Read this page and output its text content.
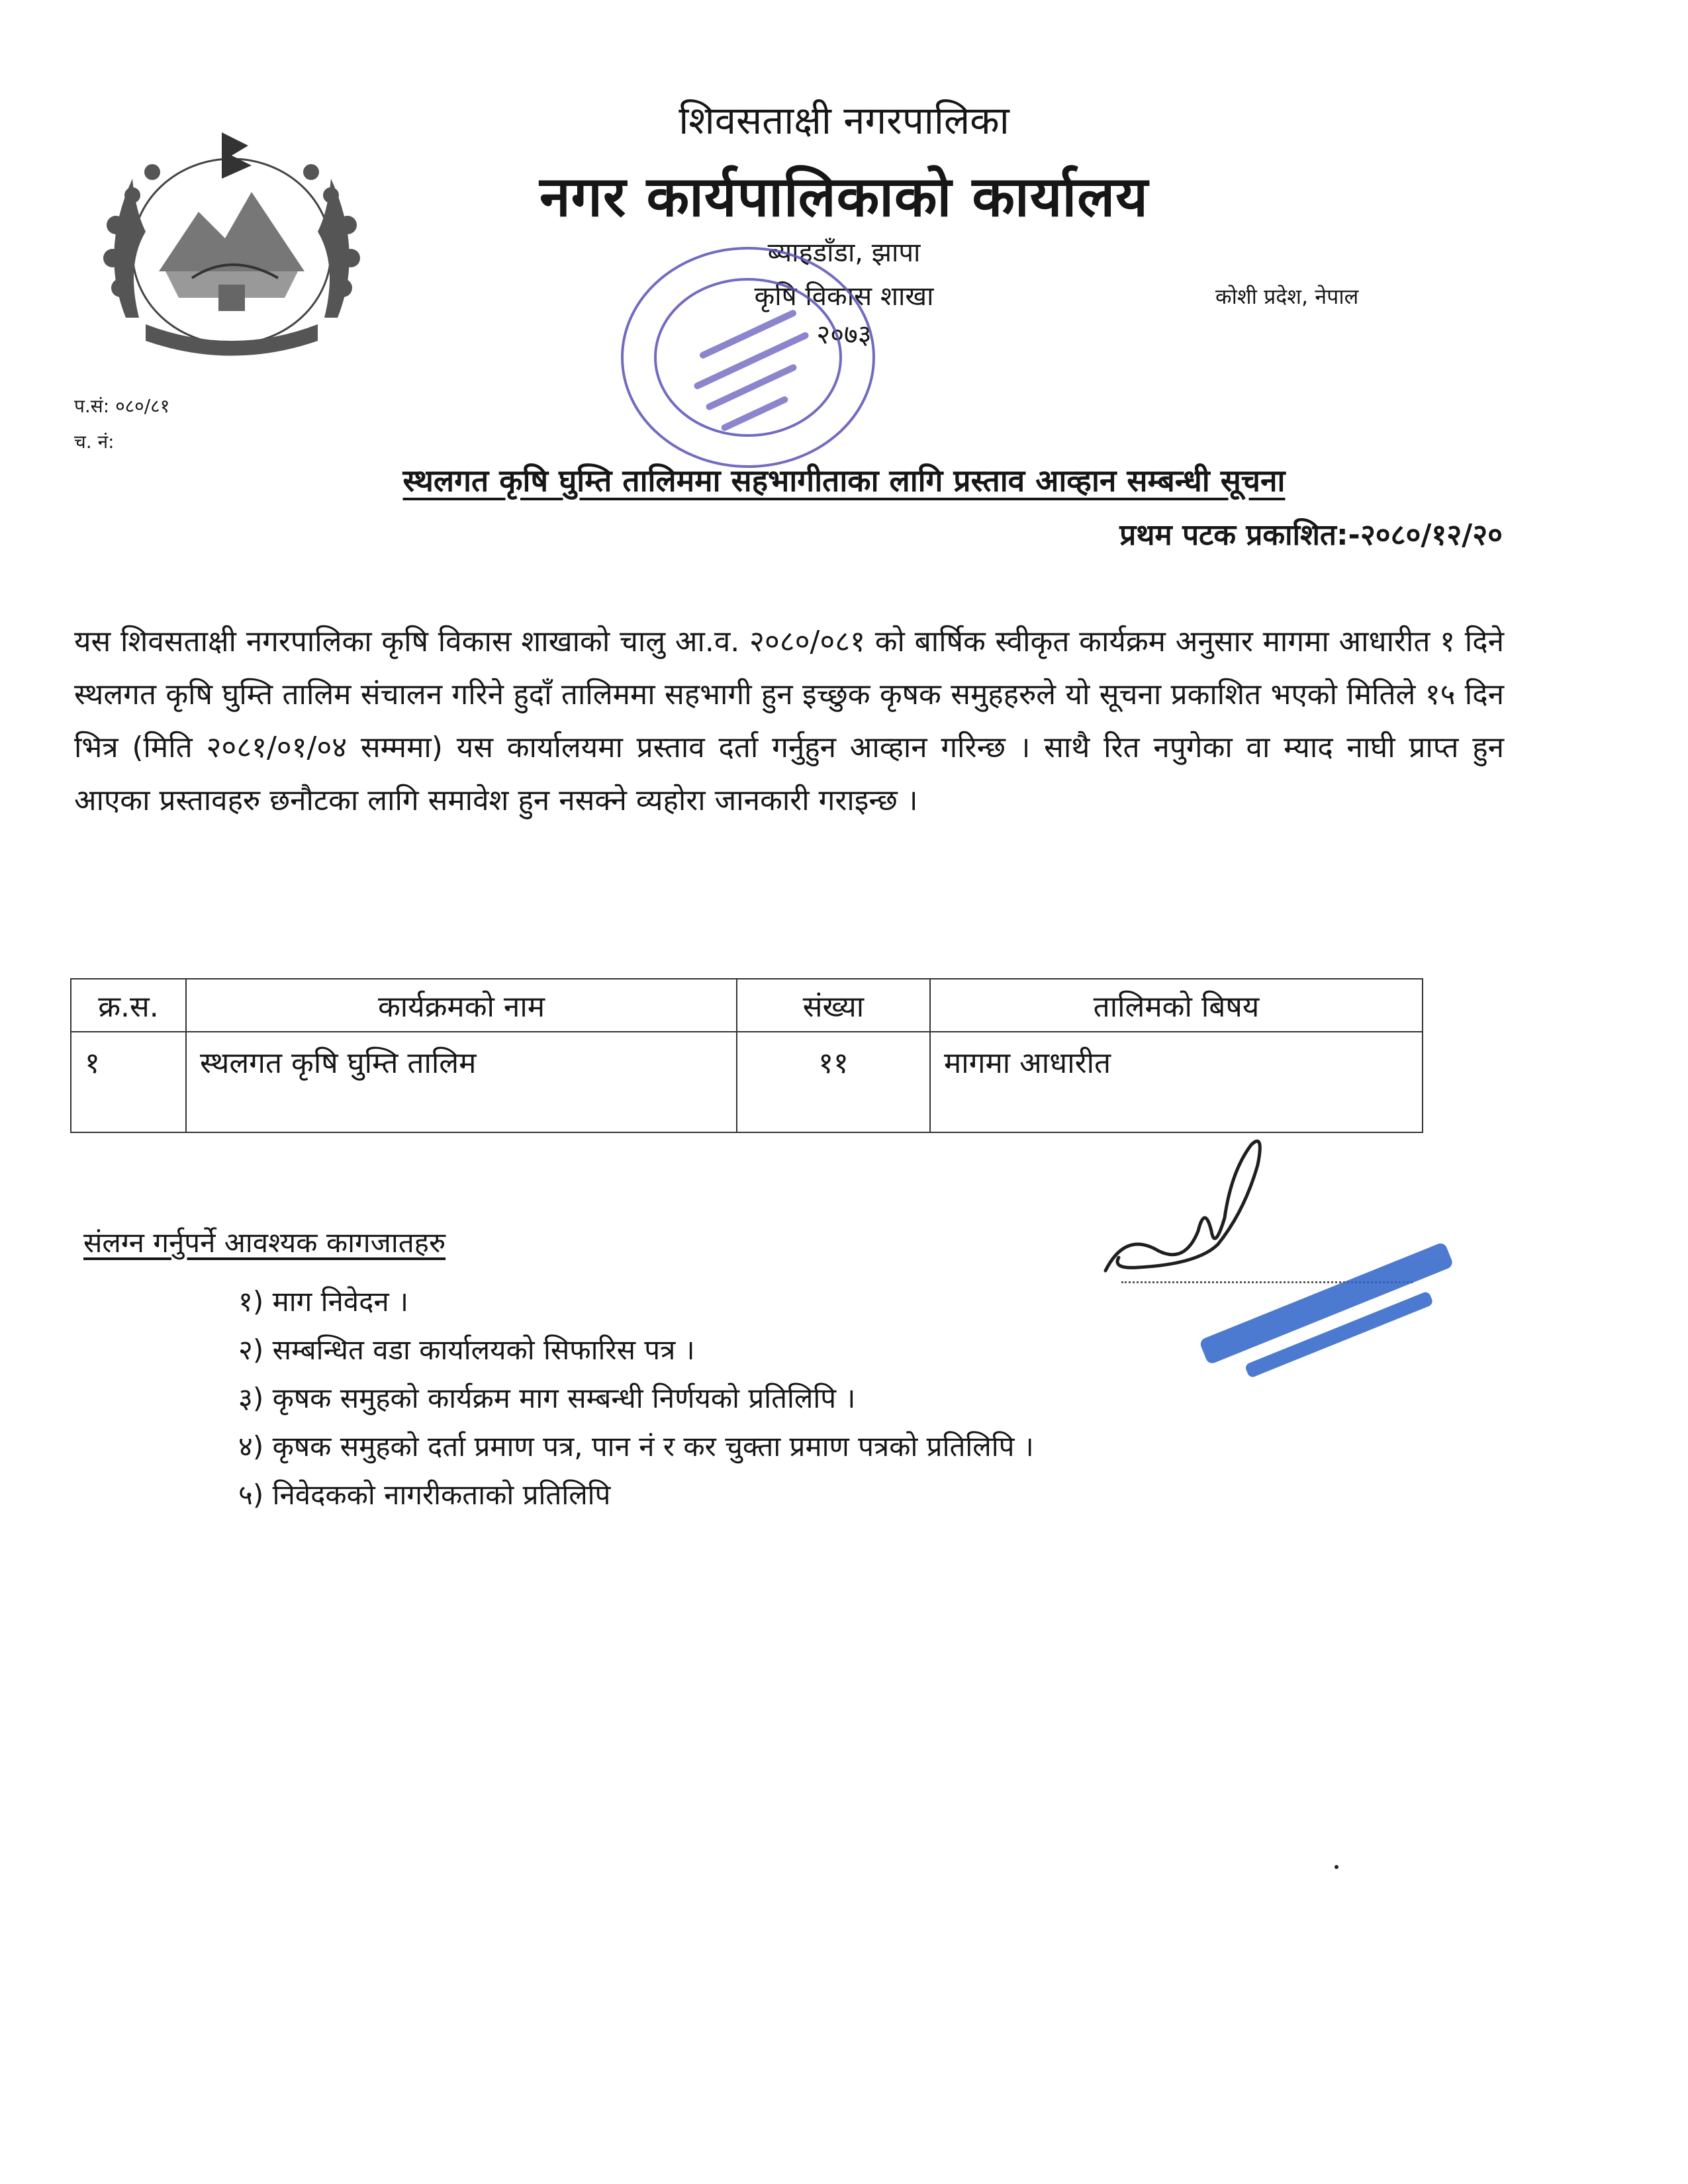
शिवसताक्षी नगरपालिका
नगर कार्यपालिकाको कार्यालय
ब्याहडाँडा, झापा
कृषि विकास शाखा
२०७३
कोशी प्रदेश, नेपाल
प.सं: ०८०/८१
च. नं:
स्थलगत कृषि घुम्ति तालिममा सहभागीताका लागि प्रस्ताव आव्हान सम्बन्धी सूचना
प्रथम पटक प्रकाशित:-२०८०/१२/२०
यस शिवसताक्षी नगरपालिका कृषि विकास शाखाको चालु आ.व. २०८०/०८१ को बार्षिक स्वीकृत कार्यक्रम अनुसार मागमा आधारीत १ दिने स्थलगत कृषि घुम्ति तालिम संचालन गरिने हुदाँ तालिममा सहभागी हुन इच्छुक कृषक समुहहरुले यो सूचना प्रकाशित भएको मितिले १५ दिन भित्र (मिति २०८१/०१/०४ सम्ममा) यस कार्यालयमा प्रस्ताव दर्ता गर्नुहुन आव्हान गरिन्छ । साथै रित नपुगेका वा म्याद नाघी प्राप्त हुन आएका प्रस्तावहरु छनौटका लागि समावेश हुन नसक्ने व्यहोरा जानकारी गराइन्छ ।
क्र.स.	कार्यक्रमको नाम	संख्या	तालिमको बिषय
१	स्थलगत कृषि घुम्ति तालिम	११	मागमा आधारीत
संलग्न गर्नुपर्ने आवश्यक कागजातहरु
१) माग निवेदन ।
२) सम्बन्धित वडा कार्यालयको सिफारिस पत्र ।
३) कृषक समुहको कार्यक्रम माग सम्बन्धी निर्णयको प्रतिलिपि ।
४) कृषक समुहको दर्ता प्रमाण पत्र, पान नं र कर चुक्ता प्रमाण पत्रको प्रतिलिपि ।
५) निवेदकको नागरीकताको प्रतिलिपि
